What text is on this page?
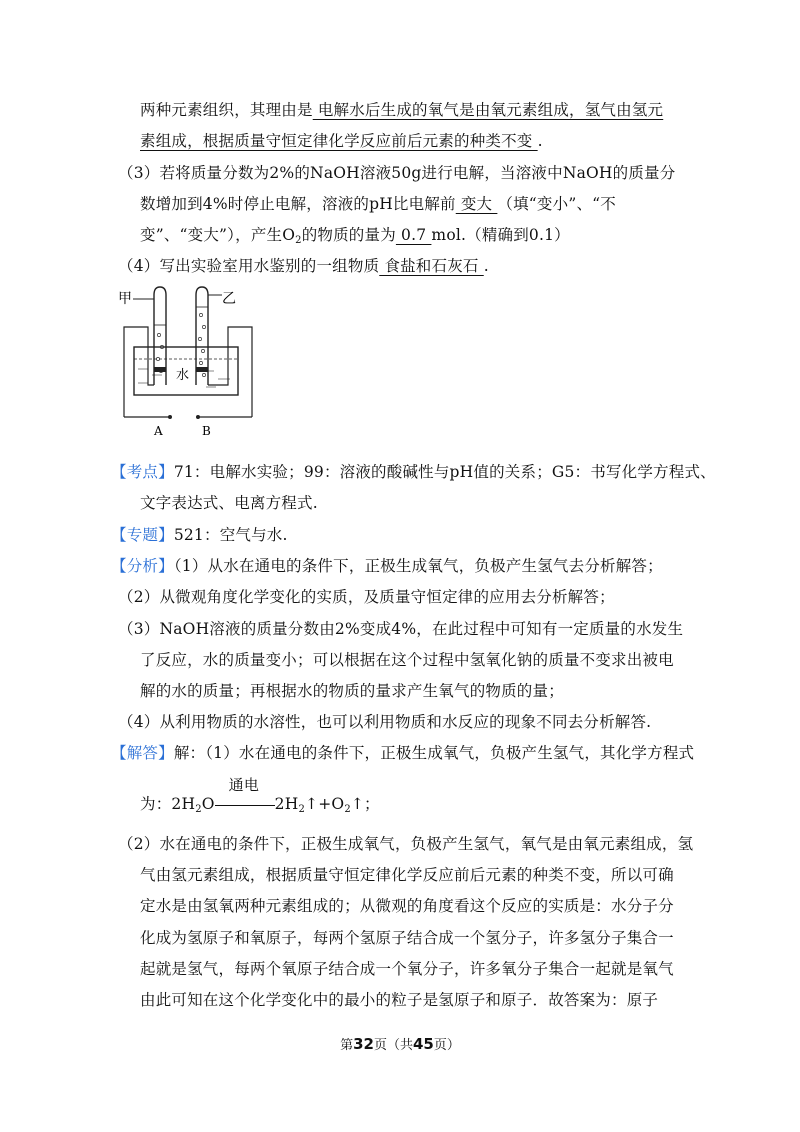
两种元素组织，其理由是 电解水后生成的氧气是由氧元素组成，氢气由氢元
素组成，根据质量守恒定律化学反应前后元素的种类不变 .
（3）若将质量分数为2%的NaOH溶液50g进行电解，当溶液中NaOH的质量分
数增加到4%时停止电解，溶液的pH比电解前 变大 （填“变小”、“不
变”、“变大”），产生$O_2$的物质的量为 0.7 mol.（精确到0.1）
（4）写出实验室用水鉴别的一组物质 食盐和石灰石 .
甲	乙
水
A	B
【考点】71：电解水实验；99：溶液的酸碱性与pH值的关系；G5：书写化学方程式、
文字表达式、电离方程式.
【专题】521：空气与水.
【分析】（1）从水在通电的条件下，正极生成氧气，负极产生氢气去分析解答；
（2）从微观角度化学变化的实质，及质量守恒定律的应用去分析解答；
（3）NaOH溶液的质量分数由2%变成4%，在此过程中可知有一定质量的水发生
了反应，水的质量变小；可以根据在这个过程中氢氧化钠的质量不变求出被电
解的水的质量；再根据水的物质的量求产生氧气的物质的量；
（4）从利用物质的水溶性，也可以利用物质和水反应的现象不同去分析解答.
【解答】解：（1）水在通电的条件下，正极生成氧气，负极产生氢气，其化学方程式
为：$2H_2O$
通电
$2H_2↑+O_2↑$；
（2）水在通电的条件下，正极生成氧气，负极产生氢气，氧气是由氧元素组成，氢
气由氢元素组成，根据质量守恒定律化学反应前后元素的种类不变，所以可确
定水是由氢氧两种元素组成的；从微观的角度看这个反应的实质是：水分子分
化成为氢原子和氧原子，每两个氢原子结合成一个氢分子，许多氢分子集合一
起就是氢气，每两个氧原子结合成一个氧分子，许多氧分子集合一起就是氧气
由此可知在这个化学变化中的最小的粒子是氢原子和原子．故答案为：原子
第32页（共45页）
